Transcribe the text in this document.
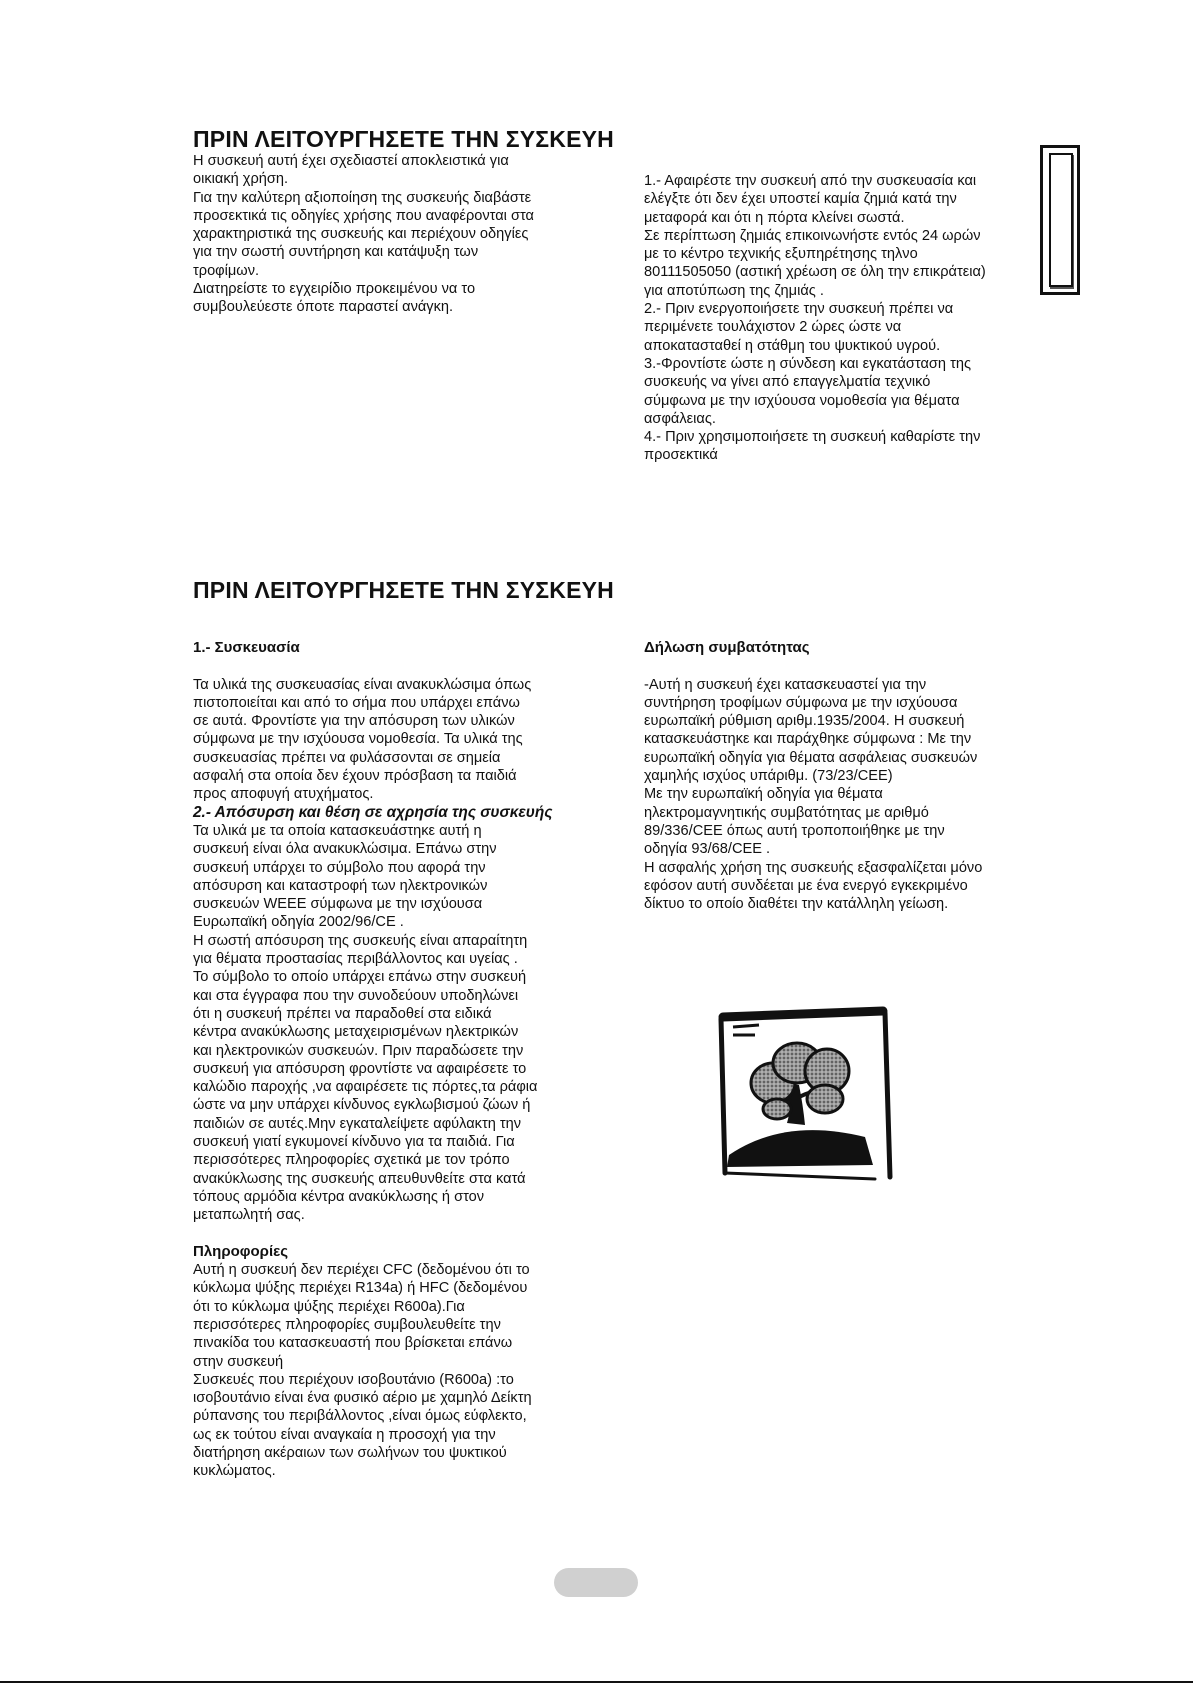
ΠΡΙΝ ΛΕΙΤΟΥΡΓΗΣΕΤΕ ΤΗΝ ΣΥΣΚΕΥΗ
Η συσκευή αυτή έχει σχεδιαστεί αποκλειστικά για
οικιακή χρήση.
Για την καλύτερη αξιοποίηση της συσκευής διαβάστε
προσεκτικά τις οδηγίες χρήσης που αναφέρονται στα
χαρακτηριστικά της συσκευής και περιέχουν οδηγίες
για την σωστή συντήρηση και κατάψυξη των
τροφίμων.
Διατηρείστε το εγχειρίδιο προκειμένου να το
συμβουλεύεστε όποτε παραστεί ανάγκη.
1.- Αφαιρέστε την συσκευή από την συσκευασία και
ελέγξτε ότι δεν έχει υποστεί καμία ζημιά κατά την
μεταφορά και ότι η πόρτα κλείνει σωστά.
Σε περίπτωση ζημιάς επικοινωνήστε εντός 24 ωρών
με το κέντρο τεχνικής εξυπηρέτησης τηλνο
80111505050 (αστική χρέωση σε όλη την επικράτεια)
για αποτύπωση της ζημιάς .
2.- Πριν ενεργοποιήσετε την συσκευή πρέπει να
περιμένετε τουλάχιστον 2 ώρες ώστε να
αποκατασταθεί η στάθμη του ψυκτικού υγρού.
3.-Φροντίστε ώστε η σύνδεση και εγκατάσταση της
συσκευής να γίνει από επαγγελματία τεχνικό
σύμφωνα με την ισχύουσα νομοθεσία για θέματα
ασφάλειας.
4.- Πριν χρησιμοποιήσετε τη συσκευή καθαρίστε την
προσεκτικά
ΠΡΙΝ ΛΕΙΤΟΥΡΓΗΣΕΤΕ ΤΗΝ ΣΥΣΚΕΥΗ
1.- Συσκευασία
Τα υλικά της συσκευασίας είναι ανακυκλώσιμα όπως
πιστοποιείται και από το σήμα που υπάρχει επάνω
σε αυτά. Φροντίστε για την απόσυρση των υλικών
σύμφωνα με την ισχύουσα νομοθεσία. Τα υλικά της
συσκευασίας πρέπει να φυλάσσονται σε σημεία
ασφαλή στα οποία δεν έχουν πρόσβαση τα παιδιά
προς αποφυγή ατυχήματος.
2.- Απόσυρση και θέση σε αχρησία της συσκευής
Τα υλικά με τα οποία κατασκευάστηκε αυτή η
συσκευή είναι όλα ανακυκλώσιμα. Επάνω στην
συσκευή υπάρχει το σύμβολο που αφορά την
απόσυρση και καταστροφή των ηλεκτρονικών
συσκευών WEEE σύμφωνα με την ισχύουσα
Ευρωπαϊκή οδηγία 2002/96/CE .
Η σωστή απόσυρση της συσκευής είναι απαραίτητη
για θέματα προστασίας περιβάλλοντος και υγείας .
Το σύμβολο το οποίο υπάρχει επάνω στην συσκευή
και στα έγγραφα που την συνοδεύουν υποδηλώνει
ότι η συσκευή πρέπει να παραδοθεί στα ειδικά
κέντρα ανακύκλωσης μεταχειρισμένων ηλεκτρικών
και ηλεκτρονικών συσκευών. Πριν παραδώσετε την
συσκευή για απόσυρση φροντίστε να αφαιρέσετε το
καλώδιο παροχής ,να αφαιρέσετε τις πόρτες,τα ράφια
ώστε να μην υπάρχει κίνδυνος εγκλωβισμού ζώων ή
παιδιών σε αυτές.Μην εγκαταλείψετε αφύλακτη την
συσκευή γιατί εγκυμονεί κίνδυνο για τα παιδιά. Για
περισσότερες πληροφορίες σχετικά με τον τρόπο
ανακύκλωσης της συσκευής απευθυνθείτε στα κατά
τόπους αρμόδια κέντρα ανακύκλωσης ή στον
μεταπωλητή σας.
Πληροφορίες
Αυτή η συσκευή δεν περιέχει CFC (δεδομένου ότι το
κύκλωμα ψύξης περιέχει R134a) ή HFC (δεδομένου
ότι το κύκλωμα ψύξης περιέχει R600a).Για
περισσότερες πληροφορίες συμβουλευθείτε την
πινακίδα του κατασκευαστή που βρίσκεται επάνω
στην συσκευή
Συσκευές που περιέχουν ισοβουτάνιο (R600a) :το
ισοβουτάνιο είναι ένα φυσικό αέριο με χαμηλό Δείκτη
ρύπανσης του περιβάλλοντος ,είναι όμως εύφλεκτο,
ως εκ τούτου είναι αναγκαία η προσοχή για την
διατήρηση ακέραιων των σωλήνων του ψυκτικού
κυκλώματος.
Δήλωση συμβατότητας
-Αυτή η συσκευή έχει κατασκευαστεί για την
συντήρηση τροφίμων σύμφωνα με την ισχύουσα
ευρωπαϊκή ρύθμιση αριθμ.1935/2004. Η συσκευή
κατασκευάστηκε και παράχθηκε σύμφωνα : Με την
ευρωπαϊκή οδηγία για θέματα ασφάλειας συσκευών
χαμηλής ισχύος υπάριθμ. (73/23/CEE)
Με την ευρωπαϊκή οδηγία για θέματα
ηλεκτρομαγνητικής συμβατότητας με αριθμό
89/336/CEE όπως αυτή τροποποιήθηκε με την
οδηγία 93/68/CEE .
Η ασφαλής χρήση της συσκευής εξασφαλίζεται μόνο
εφόσον αυτή συνδέεται με ένα ενεργό εγκεκριμένο
δίκτυο το οποίο διαθέτει την κατάλληλη γείωση.
